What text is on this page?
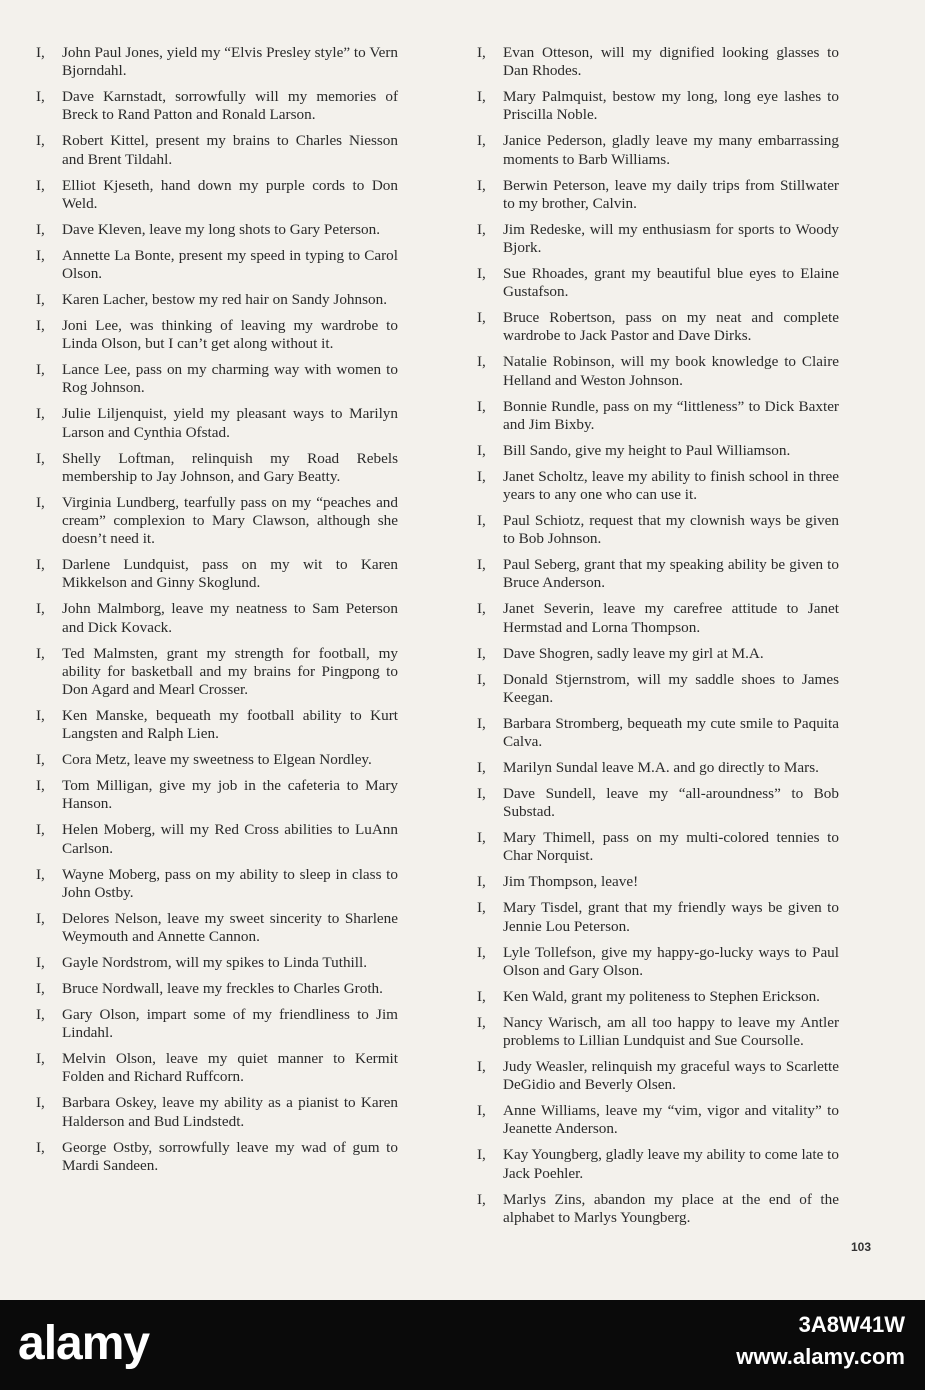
I, John Paul Jones, yield my “Elvis Presley style” to Vern Bjorndahl.
I, Dave Karnstadt, sorrowfully will my memories of Breck to Rand Patton and Ronald Larson.
I, Robert Kittel, present my brains to Charles Niesson and Brent Tildahl.
I, Elliot Kjeseth, hand down my purple cords to Don Weld.
I, Dave Kleven, leave my long shots to Gary Peterson.
I, Annette La Bonte, present my speed in typing to Carol Olson.
I, Karen Lacher, bestow my red hair on Sandy Johnson.
I, Joni Lee, was thinking of leaving my wardrobe to Linda Olson, but I can’t get along without it.
I, Lance Lee, pass on my charming way with women to Rog Johnson.
I, Julie Liljenquist, yield my pleasant ways to Marilyn Larson and Cynthia Ofstad.
I, Shelly Loftman, relinquish my Road Rebels membership to Jay Johnson, and Gary Beatty.
I, Virginia Lundberg, tearfully pass on my “peaches and cream” complexion to Mary Clawson, although she doesn’t need it.
I, Darlene Lundquist, pass on my wit to Karen Mikkelson and Ginny Skoglund.
I, John Malmborg, leave my neatness to Sam Peterson and Dick Kovack.
I, Ted Malmsten, grant my strength for football, my ability for basketball and my brains for Pingpong to Don Agard and Mearl Crosser.
I, Ken Manske, bequeath my football ability to Kurt Langsten and Ralph Lien.
I, Cora Metz, leave my sweetness to Elgean Nordley.
I, Tom Milligan, give my job in the cafeteria to Mary Hanson.
I, Helen Moberg, will my Red Cross abilities to LuAnn Carlson.
I, Wayne Moberg, pass on my ability to sleep in class to John Ostby.
I, Delores Nelson, leave my sweet sincerity to Sharlene Weymouth and Annette Cannon.
I, Gayle Nordstrom, will my spikes to Linda Tuthill.
I, Bruce Nordwall, leave my freckles to Charles Groth.
I, Gary Olson, impart some of my friendliness to Jim Lindahl.
I, Melvin Olson, leave my quiet manner to Kermit Folden and Richard Ruffcorn.
I, Barbara Oskey, leave my ability as a pianist to Karen Halderson and Bud Lindstedt.
I, George Ostby, sorrowfully leave my wad of gum to Mardi Sandeen.
I, Evan Otteson, will my dignified looking glasses to Dan Rhodes.
I, Mary Palmquist, bestow my long, long eye lashes to Priscilla Noble.
I, Janice Pederson, gladly leave my many embarrassing moments to Barb Williams.
I, Berwin Peterson, leave my daily trips from Stillwater to my brother, Calvin.
I, Jim Redeske, will my enthusiasm for sports to Woody Bjork.
I, Sue Rhoades, grant my beautiful blue eyes to Elaine Gustafson.
I, Bruce Robertson, pass on my neat and complete wardrobe to Jack Pastor and Dave Dirks.
I, Natalie Robinson, will my book knowledge to Claire Helland and Weston Johnson.
I, Bonnie Rundle, pass on my “littleness” to Dick Baxter and Jim Bixby.
I, Bill Sando, give my height to Paul Williamson.
I, Janet Scholtz, leave my ability to finish school in three years to any one who can use it.
I, Paul Schiotz, request that my clownish ways be given to Bob Johnson.
I, Paul Seberg, grant that my speaking ability be given to Bruce Anderson.
I, Janet Severin, leave my carefree attitude to Janet Hermstad and Lorna Thompson.
I, Dave Shogren, sadly leave my girl at M.A.
I, Donald Stjernstrom, will my saddle shoes to James Keegan.
I, Barbara Stromberg, bequeath my cute smile to Paquita Calva.
I, Marilyn Sundal leave M.A. and go directly to Mars.
I, Dave Sundell, leave my “all-aroundness” to Bob Substad.
I, Mary Thimell, pass on my multi-colored tennies to Char Norquist.
I, Jim Thompson, leave!
I, Mary Tisdel, grant that my friendly ways be given to Jennie Lou Peterson.
I, Lyle Tollefson, give my happy-go-lucky ways to Paul Olson and Gary Olson.
I, Ken Wald, grant my politeness to Stephen Erickson.
I, Nancy Warisch, am all too happy to leave my Antler problems to Lillian Lundquist and Sue Coursolle.
I, Judy Weasler, relinquish my graceful ways to Scarlette DeGidio and Beverly Olsen.
I, Anne Williams, leave my “vim, vigor and vitality” to Jeanette Anderson.
I, Kay Youngberg, gladly leave my ability to come late to Jack Poehler.
I, Marlys Zins, abandon my place at the end of the alphabet to Marlys Youngberg.
103
alamy	3A8W41W
www.alamy.com
